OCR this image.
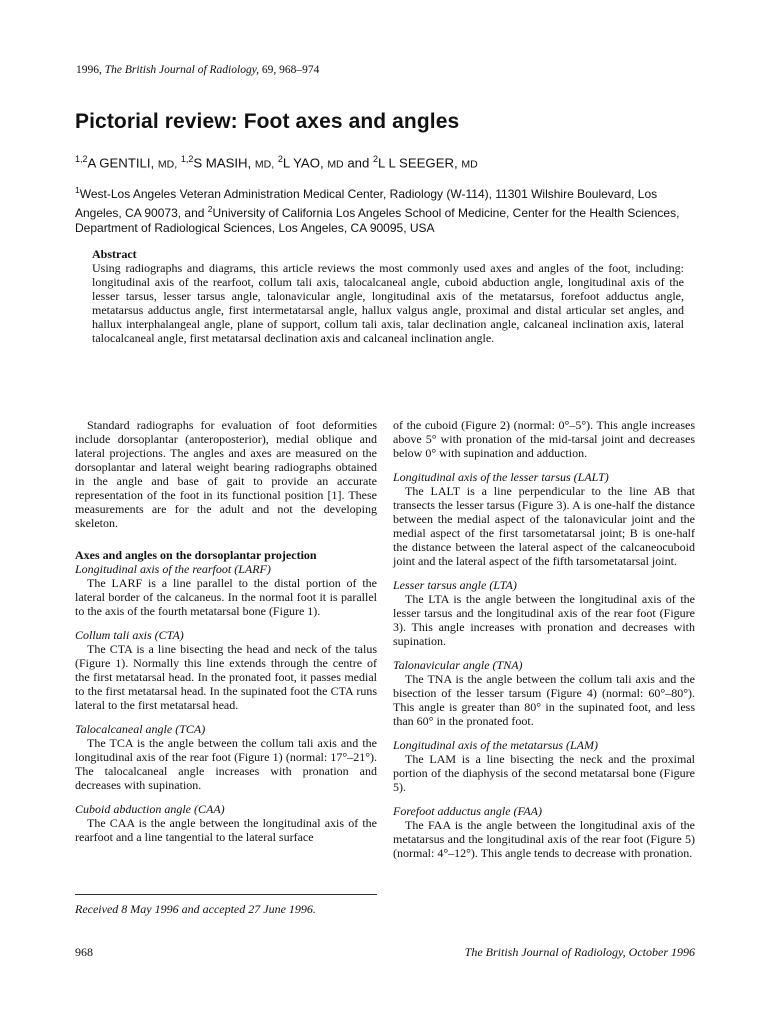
1996, The British Journal of Radiology, 69, 968–974
Pictorial review: Foot axes and angles
$^{1,2}$A GENTILI, MD, $^{1,2}$S MASIH, MD, $^2$L YAO, MD and $^2$L L SEEGER, MD
$^1$West-Los Angeles Veteran Administration Medical Center, Radiology (W-114), 11301 Wilshire Boulevard, Los Angeles, CA 90073, and $^2$University of California Los Angeles School of Medicine, Center for the Health Sciences, Department of Radiological Sciences, Los Angeles, CA 90095, USA
Abstract

Using radiographs and diagrams, this article reviews the most commonly used axes and angles of the foot, including: longitudinal axis of the rearfoot, collum tali axis, talocalcaneal angle, cuboid abduction angle, longitudinal axis of the lesser tarsus, lesser tarsus angle, talonavicular angle, longitudinal axis of the metatarsus, forefoot adductus angle, metatarsus adductus angle, first intermetatarsal angle, hallux valgus angle, proximal and distal articular set angles, and hallux interphalangeal angle, plane of support, collum tali axis, talar declination angle, calcaneal inclination axis, lateral talocalcaneal angle, first metatarsal declination axis and calcaneal inclination angle.

Standard radiographs for evaluation of foot deformities include dorsoplantar (anteroposterior), medial oblique and lateral projections. The angles and axes are measured on the dorsoplantar and lateral weight bearing radiographs obtained in the angle and base of gait to provide an accurate representation of the foot in its functional position [1]. These measurements are for the adult and not the developing skeleton.

Axes and angles on the dorsoplantar projection
Longitudinal axis of the rearfoot (LARF)

The LARF is a line parallel to the distal portion of the lateral border of the calcaneus. In the normal foot it is parallel to the axis of the fourth metatarsal bone (Figure 1).

Collum tali axis (CTA)

The CTA is a line bisecting the head and neck of the talus (Figure 1). Normally this line extends through the centre of the first metatarsal head. In the pronated foot, it passes medial to the first metatarsal head. In the supinated foot the CTA runs lateral to the first metatarsal head.

Talocalcaneal angle (TCA)

The TCA is the angle between the collum tali axis and the longitudinal axis of the rear foot (Figure 1) (normal: 17°–21°). The talocalcaneal angle increases with pronation and decreases with supination.

Cuboid abduction angle (CAA)

The CAA is the angle between the longitudinal axis of the rearfoot and a line tangential to the lateral surface

of the cuboid (Figure 2) (normal: 0°–5°). This angle increases above 5° with pronation of the mid-tarsal joint and decreases below 0° with supination and adduction.

Longitudinal axis of the lesser tarsus (LALT)

The LALT is a line perpendicular to the line AB that transects the lesser tarsus (Figure 3). A is one-half the distance between the medial aspect of the talonavicular joint and the medial aspect of the first tarsometatarsal joint; B is one-half the distance between the lateral aspect of the calcaneocuboid joint and the lateral aspect of the fifth tarsometatarsal joint.

Lesser tarsus angle (LTA)

The LTA is the angle between the longitudinal axis of the lesser tarsus and the longitudinal axis of the rear foot (Figure 3). This angle increases with pronation and decreases with supination.

Talonavicular angle (TNA)

The TNA is the angle between the collum tali axis and the bisection of the lesser tarsum (Figure 4) (normal: 60°–80°). This angle is greater than 80° in the supinated foot, and less than 60° in the pronated foot.

Longitudinal axis of the metatarsus (LAM)

The LAM is a line bisecting the neck and the proximal portion of the diaphysis of the second metatarsal bone (Figure 5).

Forefoot adductus angle (FAA)

The FAA is the angle between the longitudinal axis of the metatarsus and the longitudinal axis of the rear foot (Figure 5) (normal: 4°–12°). This angle tends to decrease with pronation.

Received 8 May 1996 and accepted 27 June 1996.
968	The British Journal of Radiology, October 1996
